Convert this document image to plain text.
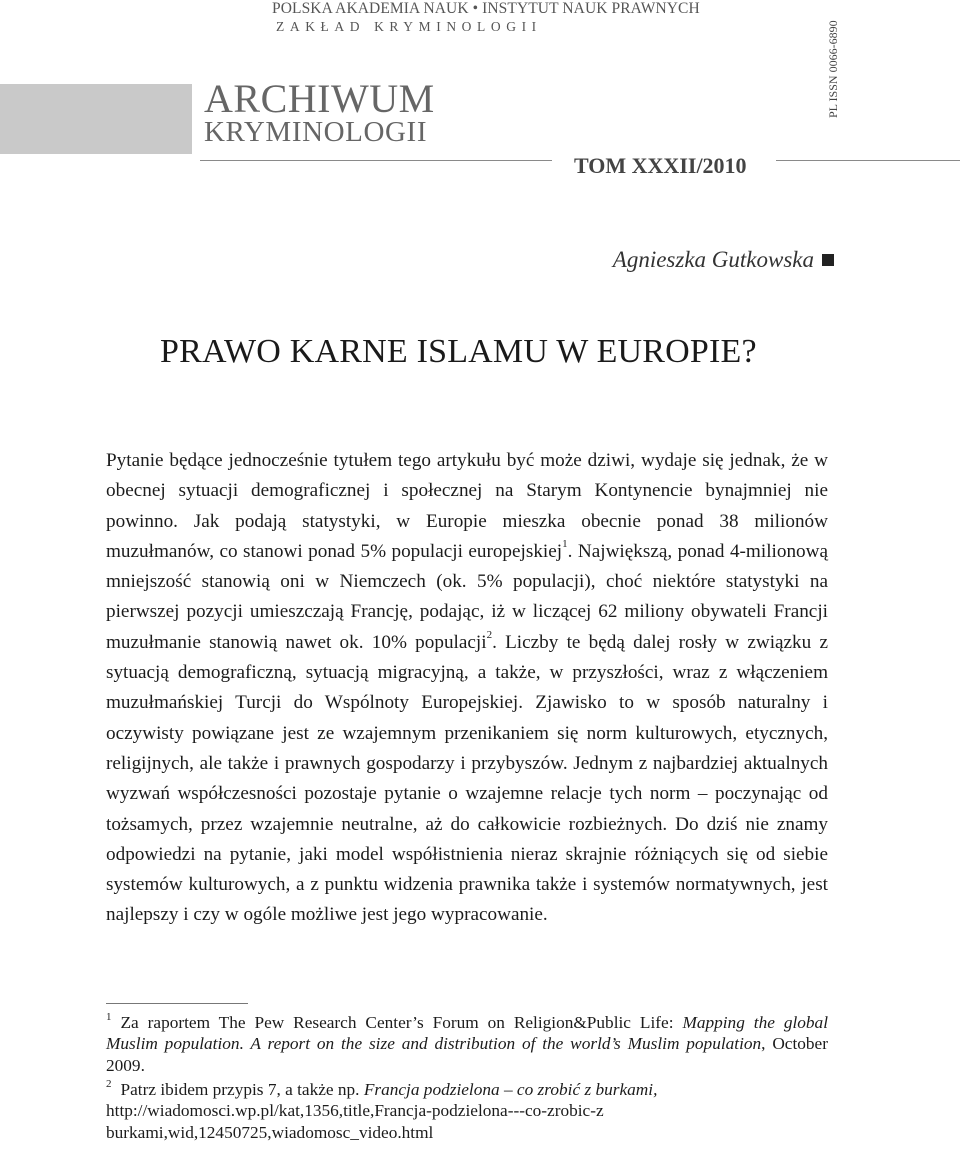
POLSKA AKADEMIA NAUK • INSTYTUT NAUK PRAWNYCH
ZAKŁAD KRYMINOLOGII
ARCHIWUM
KRYMINOLOGII
PL ISSN 0066-6890
TOM XXXII/2010
Agnieszka Gutkowska
PRAWO KARNE ISLAMU W EUROPIE?
Pytanie będące jednocześnie tytułem tego artykułu być może dziwi, wydaje się jednak, że w obecnej sytuacji demograficznej i społecznej na Starym Kontynencie bynajmniej nie powinno. Jak podają statystyki, w Europie mieszka obecnie ponad 38 milionów muzułmanów, co stanowi ponad 5% populacji europejskiej$^1$. Największą, ponad 4-milionową mniejszość stanowią oni w Niemczech (ok. 5% populacji), choć niektóre statystyki na pierwszej pozycji umieszczają Francję, podając, iż w liczącej 62 miliony obywateli Francji muzułmanie stanowią nawet ok. 10% populacji$^2$. Liczby te będą dalej rosły w związku z sytuacją demograficzną, sytuacją migracyjną, a także, w przyszłości, wraz z włączeniem muzułmańskiej Turcji do Wspólnoty Europejskiej. Zjawisko to w sposób naturalny i oczywisty powiązane jest ze wzajemnym przenikaniem się norm kulturowych, etycznych, religijnych, ale także i prawnych gospodarzy i przybyszów. Jednym z najbardziej aktualnych wyzwań współczesności pozostaje pytanie o wzajemne relacje tych norm – poczynając od tożsamych, przez wzajemnie neutralne, aż do całkowicie rozbieżnych. Do dziś nie znamy odpowiedzi na pytanie, jaki model współistnienia nieraz skrajnie różniących się od siebie systemów kulturowych, a z punktu widzenia prawnika także i systemów normatywnych, jest najlepszy i czy w ogóle możliwe jest jego wypracowanie.
$^1$ Za raportem The Pew Research Center’s Forum on Religion&Public Life: Mapping the global Muslim population. A report on the size and distribution of the world’s Muslim population, October 2009.
$^2$ Patrz ibidem przypis 7, a także np. Francja podzielona – co zrobić z burkami,
http://wiadomosci.wp.pl/kat,1356,title,Francja-podzielona---co-zrobic-z burkami,wid,12450725,wiadomosc_video.html
